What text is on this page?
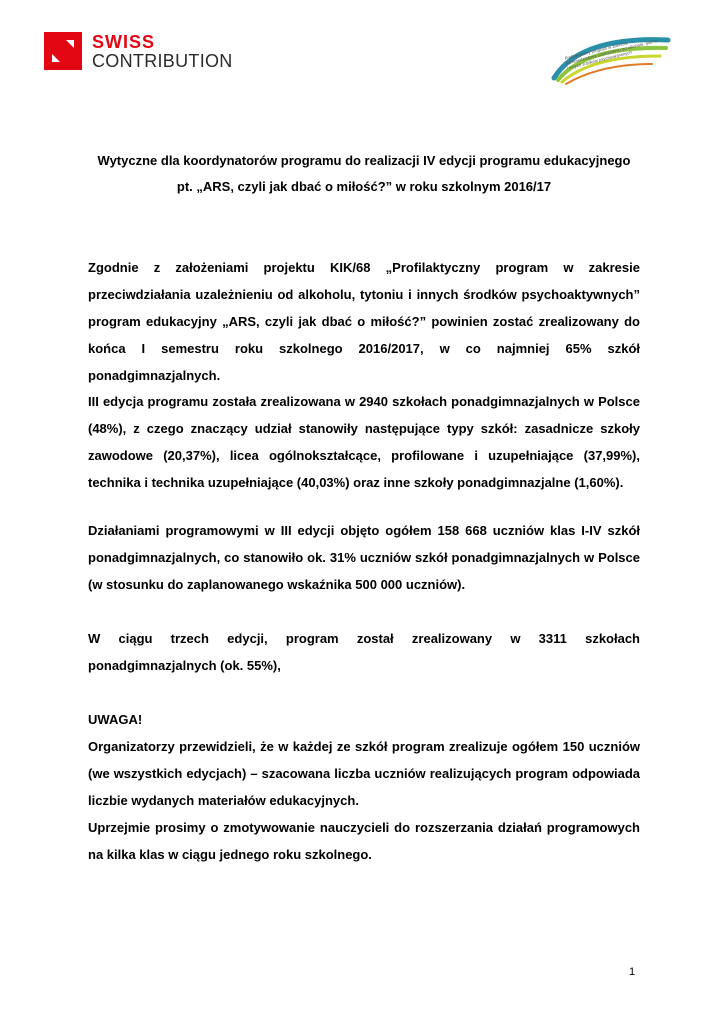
SWISS
CONTRIBUTION	Profilaktyczny program w zakresie przeciwdziałania uzależnieniu od alkoholu, tytoniu i innych środków psychoaktywnych
Wytyczne dla koordynatorów programu do realizacji IV edycji programu edukacyjnego
pt. „ARS, czyli jak dbać o miłość?” w roku szkolnym 2016/17

Zgodnie z założeniami projektu KIK/68 „Profilaktyczny program w zakresie przeciwdziałania uzależnieniu od alkoholu, tytoniu i innych środków psychoaktywnych” program edukacyjny „ARS, czyli jak dbać o miłość?” powinien zostać zrealizowany do końca I semestru roku szkolnego 2016/2017, w co najmniej 65% szkół ponadgimnazjalnych.

III edycja programu została zrealizowana w 2940 szkołach ponadgimnazjalnych w Polsce (48%), z czego znaczący udział stanowiły następujące typy szkół: zasadnicze szkoły zawodowe (20,37%), licea ogólnokształcące, profilowane i uzupełniające (37,99%), technika i technika uzupełniające (40,03%) oraz inne szkoły ponadgimnazjalne (1,60%).

Działaniami programowymi w III edycji objęto ogółem 158 668 uczniów klas I-IV szkół ponadgimnazjalnych, co stanowiło ok. 31% uczniów szkół ponadgimnazjalnych w Polsce (w stosunku do zaplanowanego wskaźnika 500 000 uczniów).

W ciągu trzech edycji, program został zrealizowany w 3311 szkołach ponadgimnazjalnych (ok. 55%),

UWAGA!

Organizatorzy przewidzieli, że w każdej ze szkół program zrealizuje ogółem 150 uczniów (we wszystkich edycjach) – szacowana liczba uczniów realizujących program odpowiada liczbie wydanych materiałów edukacyjnych.

Uprzejmie prosimy o zmotywowanie nauczycieli do rozszerzania działań programowych na kilka klas w ciągu jednego roku szkolnego.

1
